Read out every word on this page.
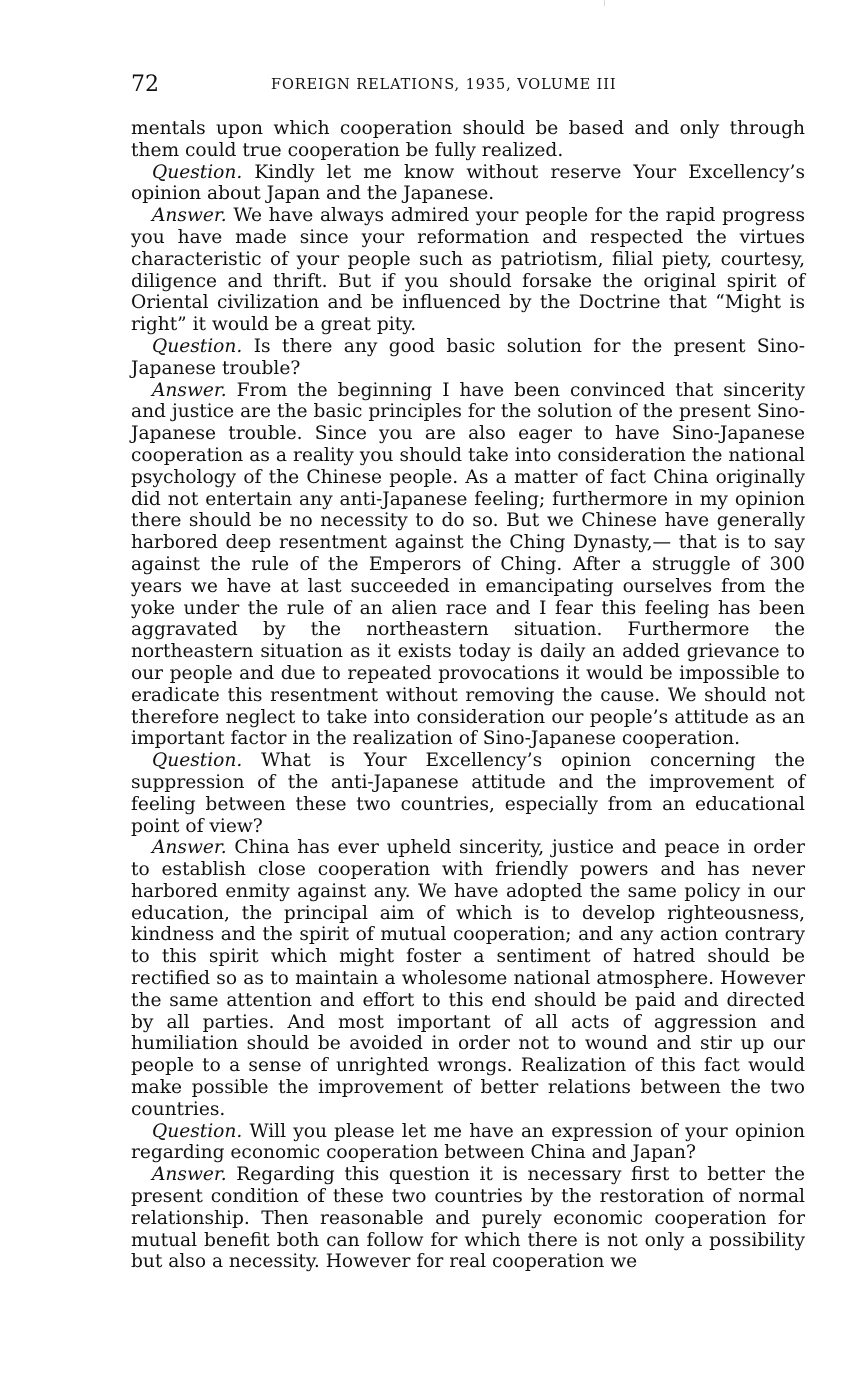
72	FOREIGN RELATIONS, 1935, VOLUME III

mentals upon which cooperation should be based and only through them could true cooperation be fully realized.

Question. Kindly let me know without reserve Your Excellency’s opinion about Japan and the Japanese.

Answer. We have always admired your people for the rapid progress you have made since your reformation and respected the virtues characteristic of your people such as patriotism, filial piety, courtesy, diligence and thrift. But if you should forsake the original spirit of Oriental civilization and be influenced by the Doctrine that “Might is right” it would be a great pity.

Question. Is there any good basic solution for the present Sino-Japanese trouble?

Answer. From the beginning I have been convinced that sincerity and justice are the basic principles for the solution of the present Sino-Japanese trouble. Since you are also eager to have Sino-Japanese cooperation as a reality you should take into consideration the national psychology of the Chinese people. As a matter of fact China originally did not entertain any anti-Japanese feeling; furthermore in my opinion there should be no necessity to do so. But we Chinese have generally harbored deep resentment against the Ching Dynasty,— that is to say against the rule of the Emperors of Ching. After a struggle of 300 years we have at last succeeded in emancipating ourselves from the yoke under the rule of an alien race and I fear this feeling has been aggravated by the northeastern situation. Furthermore the northeastern situation as it exists today is daily an added grievance to our people and due to repeated provocations it would be impossible to eradicate this resentment without removing the cause. We should not therefore neglect to take into consideration our people’s attitude as an important factor in the realization of Sino-Japanese cooperation.

Question. What is Your Excellency’s opinion concerning the suppression of the anti-Japanese attitude and the improvement of feeling between these two countries, especially from an educational point of view?

Answer. China has ever upheld sincerity, justice and peace in order to establish close cooperation with friendly powers and has never harbored enmity against any. We have adopted the same policy in our education, the principal aim of which is to develop righteousness, kindness and the spirit of mutual cooperation; and any action contrary to this spirit which might foster a sentiment of hatred should be rectified so as to maintain a wholesome national atmosphere. However the same attention and effort to this end should be paid and directed by all parties. And most important of all acts of aggression and humiliation should be avoided in order not to wound and stir up our people to a sense of unrighted wrongs. Realization of this fact would make possible the improvement of better relations between the two countries.

Question. Will you please let me have an expression of your opinion regarding economic cooperation between China and Japan?

Answer. Regarding this question it is necessary first to better the present condition of these two countries by the restoration of normal relationship. Then reasonable and purely economic cooperation for mutual benefit both can follow for which there is not only a possibility but also a necessity. However for real cooperation we
